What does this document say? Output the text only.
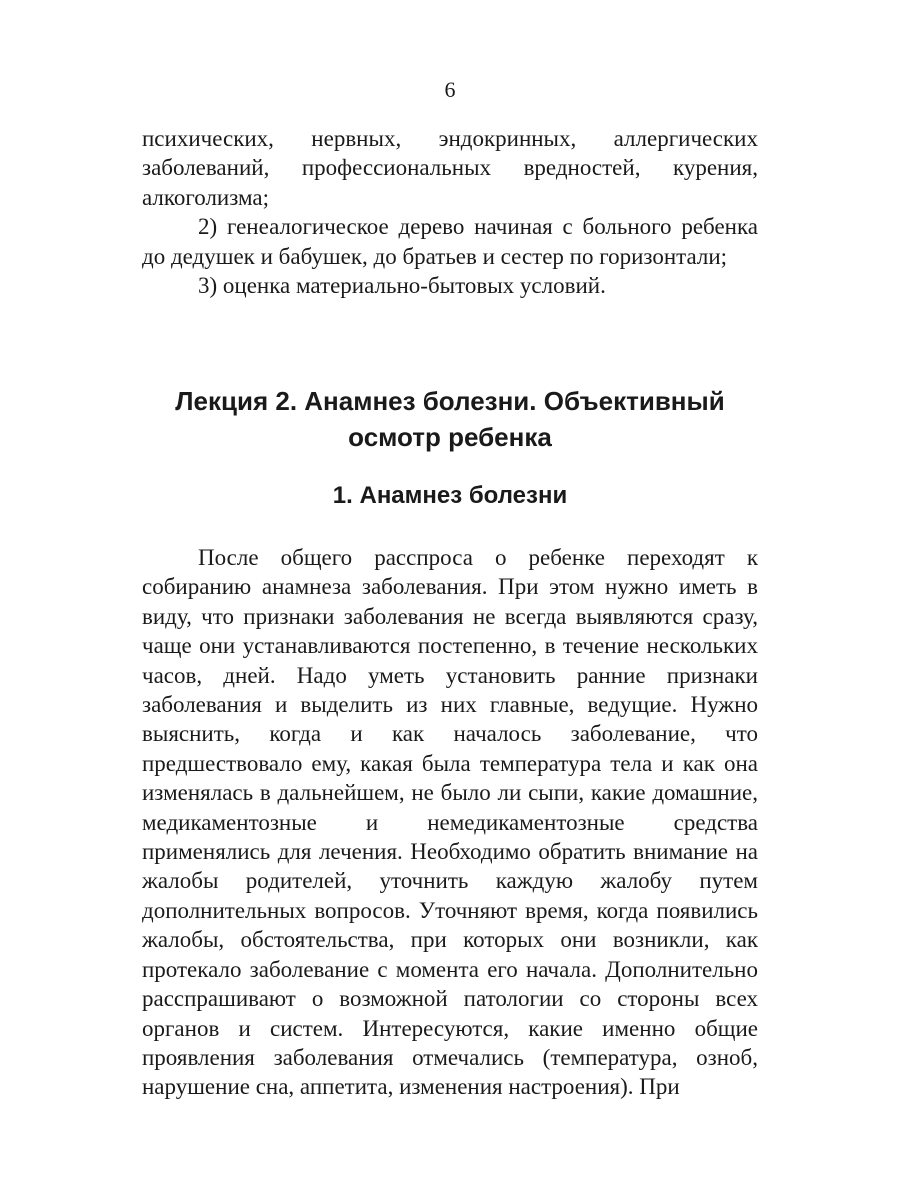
6

психических, нервных, эндокринных, аллергических заболеваний, профессиональных вредностей, курения, алкоголизма;

2) генеалогическое дерево начиная с больного ребенка до дедушек и бабушек, до братьев и сестер по горизонтали;

3) оценка материально-бытовых условий.

Лекция 2. Анамнез болезни. Объективный осмотр ребенка
1. Анамнез болезни

После общего расспроса о ребенке переходят к собиранию анамнеза заболевания. При этом нужно иметь в виду, что признаки заболевания не всегда выявляются сразу, чаще они устанавливаются постепенно, в течение нескольких часов, дней. Надо уметь установить ранние признаки заболевания и выделить из них главные, ведущие. Нужно выяснить, когда и как началось заболевание, что предшествовало ему, какая была температура тела и как она изменялась в дальнейшем, не было ли сыпи, какие домашние, медикаментозные и немедикаментозные средства применялись для лечения. Необходимо обратить внимание на жалобы родителей, уточнить каждую жалобу путем дополнительных вопросов. Уточняют время, когда появились жалобы, обстоятельства, при которых они возникли, как протекало заболевание с момента его начала. Дополнительно расспрашивают о возможной патологии со стороны всех органов и систем. Интересуются, какие именно общие проявления заболевания отмечались (температура, озноб, нарушение сна, аппетита, изменения настроения). При
